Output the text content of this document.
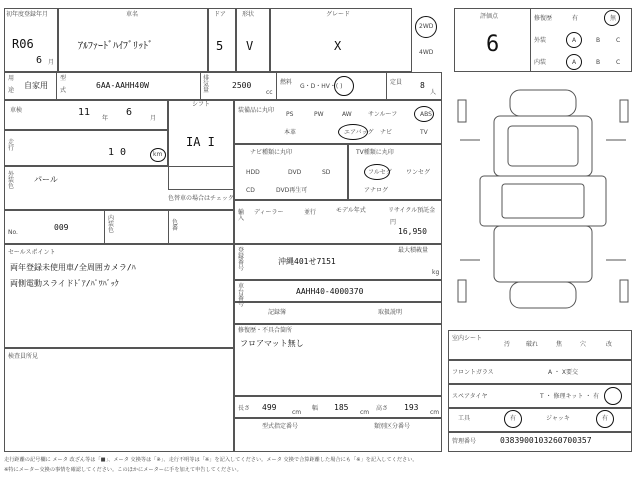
初年度登録年月
R06
6 月
車名
ｱﾙﾌｧｰﾄﾞﾊｲﾌﾞﾘｯﾄﾞ
ドア
5
形状
V
グレード
X
2WD
4WD
用
途
自家用
型
式
6AA-AAHH40W
排気量
2500
cc
燃料
G・D・HV・( )
定員 8
人
車検	11
年
6
月
シフト
IA I
走行	1 0	km
外装色
パール
色替車の場合はチェック
No.
009
内装色
色番
セールスポイント
両年登録未使用車/全周囲カメラ/ﾊ
両側電動スライドﾄﾞｱ/ﾊﾟﾜﾊﾞｯｸ
検査員所見
装備品に丸印
PS	PW	AW	サンルーフ	ABS
本革	エアバッグ ナビ	TV
ナビ種類に丸印
HDD	DVD	SD
CD	DVD再生可
TV種類に丸印
フルセグ ワンセグ
アナログ
輸入
ディーラー	並行	モデル年式	リサイクル預託金
16,950
円
登録番号
沖縄401せ7151
最大積載量
kg
車台番号
AAHH40-4000370
記録簿	取扱説明
修復歴・不具合箇所
フロアマット無し
長さ 499
cm
幅 185
cm
高さ 193
cm
型式指定番号	類別区分番号
評価点
6
修復歴	有	無
外装	A	B	C
内装	A	B	C
室内シート
汚	破れ	焦	穴	改
フロントガラス	A ・ X要交
スペアタイヤ	T ・ 修理キット ・ 有
工具	有	ジャッキ	有
管理番号	0383900103260700357
走行距離の記号欄に メータ 改ざん等は「■」、メータ 交換等は「※」、走行不明等は「※」を記入してください。メータ 交換で合算距離した場合にも「※」を記入してください。
※特にメーター交換の事情を確認してください。このほかにメーターに手を加えて申告してください。
